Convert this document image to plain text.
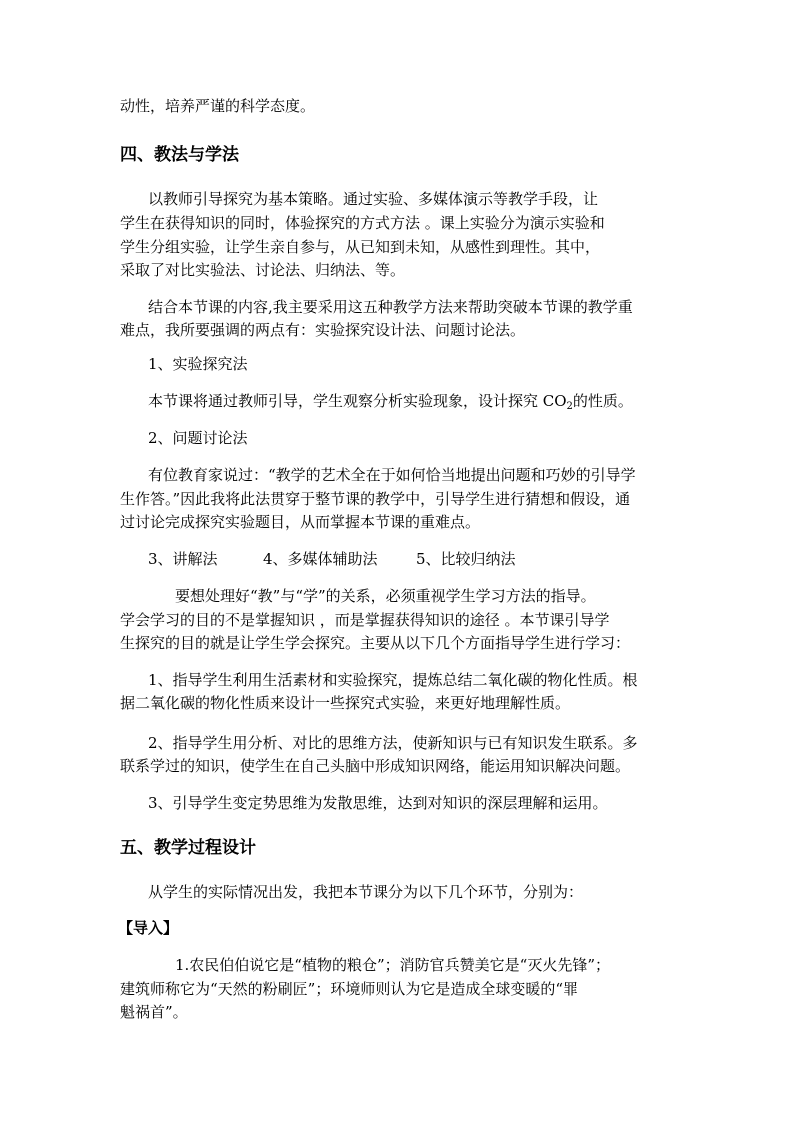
动性，培养严谨的科学态度。
四、教法与学法
以教师引导探究为基本策略。通过实验、多媒体演示等教学手段，让
学生在获得知识的同时，体验探究的方式方法 。课上实验分为演示实验和
学生分组实验，让学生亲自参与，从已知到未知，从感性到理性。其中，
采取了对比实验法、讨论法、归纳法、等。
结合本节课的内容,我主要采用这五种教学方法来帮助突破本节课的教学重
难点，我所要强调的两点有：实验探究设计法、问题讨论法。
1、实验探究法
本节课将通过教师引导，学生观察分析实验现象，设计探究 $CO_2$的性质。
2、问题讨论法
有位教育家说过：“教学的艺术全在于如何恰当地提出问题和巧妙的引导学
生作答。”因此我将此法贯穿于整节课的教学中，引导学生进行猜想和假设，通
过讨论完成探究实验题目，从而掌握本节课的重难点。
3、讲解法	4、多媒体辅助法	5、比较归纳法
要想处理好“教”与“学”的关系，必须重视学生学习方法的指导。
学会学习的目的不是掌握知识 ，而是掌握获得知识的途径 。本节课引导学
生探究的目的就是让学生学会探究。主要从以下几个方面指导学生进行学习：
1、指导学生利用生活素材和实验探究，提炼总结二氧化碳的物化性质。根
据二氧化碳的物化性质来设计一些探究式实验，来更好地理解性质。
2、指导学生用分析、对比的思维方法，使新知识与已有知识发生联系。多
联系学过的知识，使学生在自己头脑中形成知识网络，能运用知识解决问题。
3、引导学生变定势思维为发散思维，达到对知识的深层理解和运用。
五、教学过程设计
从学生的实际情况出发，我把本节课分为以下几个环节，分别为：
【导入】
1.农民伯伯说它是“植物的粮仓”；消防官兵赞美它是“灭火先锋”；
建筑师称它为“天然的粉刷匠”；环境师则认为它是造成全球变暖的“罪
魁祸首”。
